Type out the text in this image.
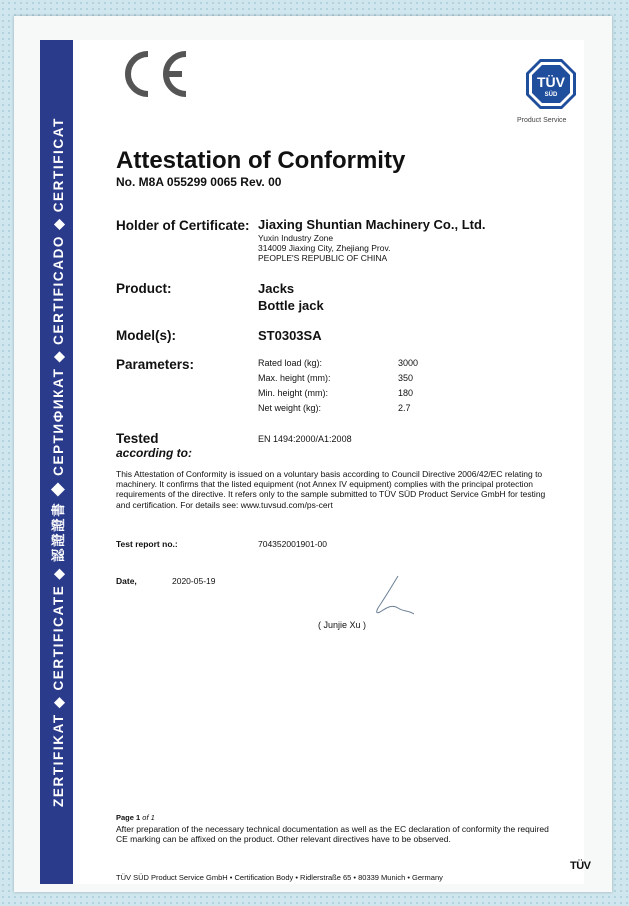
ZERTIFIKAT ◆ CERTIFICATE ◆ 認證證書 ◆ СЕРТИФИКАТ ◆ CERTIFICADO ◆ CERTIFICAT
TÜV
SÜD
Product Service
Attestation of Conformity
No. M8A 055299 0065 Rev. 00
Holder of Certificate: Jiaxing Shuntian Machinery Co., Ltd.
Yuxin Industry Zone
314009 Jiaxing City, Zhejiang Prov.
PEOPLE'S REPUBLIC OF CHINA
Product:	Jacks
Bottle jack
Model(s):	ST0303SA
Parameters:	Rated load (kg):	3000
Max. height (mm):	350
Min. height (mm):	180
Net weight (kg):	2.7
Tested
according to:
EN 1494:2000/A1:2008
This Attestation of Conformity is issued on a voluntary basis according to Council Directive 2006/42/EC relating to machinery. It confirms that the listed equipment (not Annex IV equipment) complies with the principal protection requirements of the directive. It refers only to the sample submitted to TÜV SÜD Product Service GmbH for testing and certification. For details see: www.tuvsud.com/ps-cert
Test report no.:	704352001901-00
Date,	2020-05-19
( Junjie Xu )
Page 1 of 1
After preparation of the necessary technical documentation as well as the EC declaration of conformity the required CE marking can be affixed on the product. Other relevant directives have to be observed.
TÜV SÜD Product Service GmbH • Certification Body • Ridlerstraße 65 • 80339 Munich • Germany
TÜV
